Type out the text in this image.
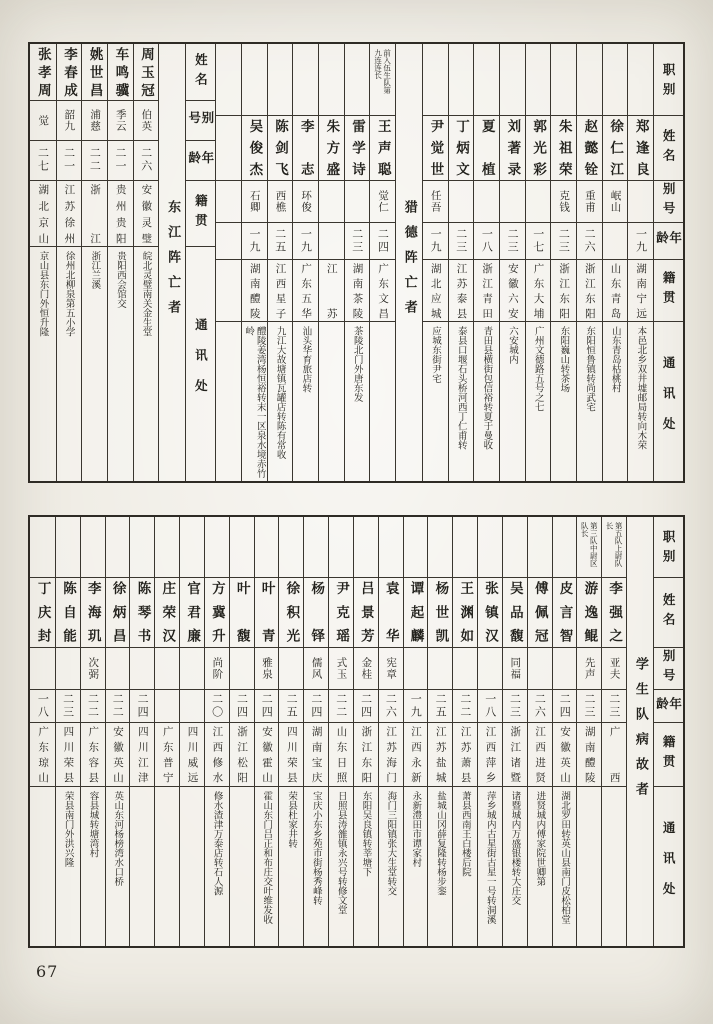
职别
姓名
别号
年龄
籍贯
通讯处
郑逢良
一九
湖南宁远
本邑北乡双井墟邮局转向木荣
徐仁江
岷山
山东青岛
山东青岛枯桃村
赵懿铨
重甫
二六
浙江东阳
东阳恒鲁镇转尚武宅
朱祖荣
克钱
二三
浙江东阳
东阳巍山转茶场
郭光彩
一七
广东大埔
广州文德路五号之七
刘著录
二三
安徽六安
六安城内
夏植
一八
浙江青田
青田县横街包信裕转夏于曼收
丁炳文
二三
江苏泰县
泰县口堰石头桥河西丁仁甫转
尹觉世
任吾
一九
湖北应城
应城东街尹宅
猎德阵亡者
前入伍生队第九连连长
王声聪
觉仁
二四
广东文昌
雷学诗
二三
湖南茶陵
茶陵北门外唐东发
朱方盛
江苏
李志
环俊
一九
广东五华
汕头华育旅店转
陈剑飞
西樵
二五
江西星子
九江大故塘镇瓦罐店转陈有常收
吴俊杰
石卿
一九
湖南醴陵
醴陵姜湾杨恒裕转末一区泉水境赤竹岭
姓名
别号
年龄
籍贯
通讯处
东江阵亡者
周玉冠
伯英
二六
安徽灵璧
皖北灵璧南关金生堂
车鸣骥
季云
二一
贵州贵阳
贵阳西会馆交
姚世昌
浦慈
二二
浙江
浙江兰溪
李春成
韶九
二一
江苏徐州
徐州北柳泉第五小学
张孝周
觉
二七
湖北京山
京山县东门外恒升隆
职别
姓名
别号
年龄
籍贯
通讯处
学生队病故者
第五队上尉队长
李强之
亚夫
二三
广西
第三队中尉区队长
游逸鲲
先声
二三
湖南醴陵
皮言智
二四
安徽英山
湖北罗田转英山县南门皮松柏堂
傅佩冠
二六
江西进贤
进贤城内傅家院世卿第
吴品馥
同福
二三
浙江诸暨
诸暨城内万盛银楼转大庄交
张镇汉
一八
江西萍乡
萍乡城内古星街古星一号转洞溪
王渊如
二二
江苏萧县
萧县西南王白楼后院
杨世凯
二五
江苏盐城
盐城山冈薛复隆转杨步銮
谭起麟
一九
江西永新
永新澧田市谭家村
袁华
宪章
二六
江苏海门
海门三阳镇张大生堂转交
吕景芳
金桂
二四
浙江东阳
东阳吴良镇转莘塘下
尹克瑶
式玉
二二
山东日照
日照县涛雒镇永兴号转修文堂
杨铎
儒风
二四
湖南宝庆
宝庆小东乡苑市街杨秀峰转
徐积光
二五
四川荣县
荣县杜家井转
叶青
雅泉
二四
安徽霍山
霍山东门吕正和布庄交叶维发收
叶馥
二四
浙江松阳
方冀升
尚阶
二〇
江西修水
修水渣津万泰店转石人源
官君廉
四川威远
庄荣汉
广东普宁
陈琴书
二四
四川江津
徐炳昌
二二
安徽英山
英山东河杨榜湾水口桥
李海玑
次弼
二二
广东容县
容县城转塘湾村
陈自能
二三
四川荣县
荣县南门外洪兴隆
丁庆封
一八
广东琼山
67
